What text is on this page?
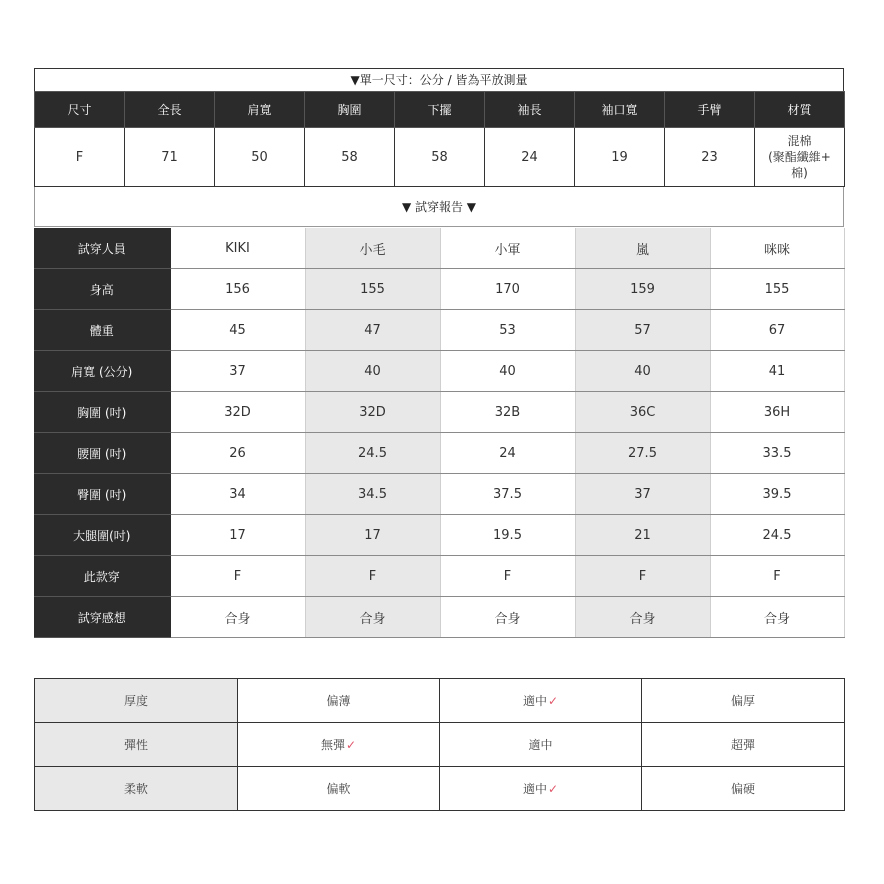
▼單一尺寸：公分 / 皆為平放測量
尺寸	全長	肩寬	胸圍	下擺	袖長	袖口寬	手臂	材質
F	71	50	58	58	24	19	23	混棉
(聚酯纖維+
棉)
▼ 試穿報告 ▼
試穿人員	KIKI	小毛	小軍	嵐	咪咪
身高	156	155	170	159	155
體重	45	47	53	57	67
肩寬 (公分)	37	40	40	40	41
胸圍 (吋)	32D	32D	32B	36C	36H
腰圍 (吋)	26	24.5	24	27.5	33.5
臀圍 (吋)	34	34.5	37.5	37	39.5
大腿圍(吋)	17	17	19.5	21	24.5
此款穿	F	F	F	F	F
試穿感想	合身	合身	合身	合身	合身
厚度	偏薄	適中✓	偏厚
彈性	無彈✓	適中	超彈
柔軟	偏軟	適中✓	偏硬
